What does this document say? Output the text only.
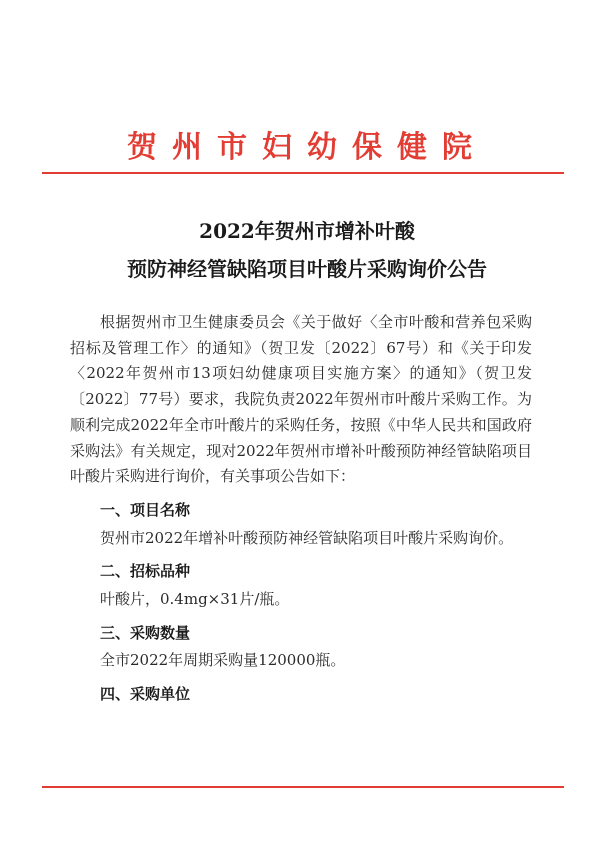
贺州市妇幼保健院
2022年贺州市增补叶酸
预防神经管缺陷项目叶酸片采购询价公告

根据贺州市卫生健康委员会《关于做好〈全市叶酸和营养包采购招标及管理工作〉的通知》（贺卫发〔2022〕67号）和《关于印发〈2022年贺州市13项妇幼健康项目实施方案〉的通知》（贺卫发〔2022〕77号）要求，我院负责2022年贺州市叶酸片采购工作。为顺利完成2022年全市叶酸片的采购任务，按照《中华人民共和国政府采购法》有关规定，现对2022年贺州市增补叶酸预防神经管缺陷项目叶酸片采购进行询价，有关事项公告如下：

一、项目名称

贺州市2022年增补叶酸预防神经管缺陷项目叶酸片采购询价。

二、招标品种

叶酸片，0.4mg×31片/瓶。

三、采购数量

全市2022年周期采购量120000瓶。

四、采购单位
